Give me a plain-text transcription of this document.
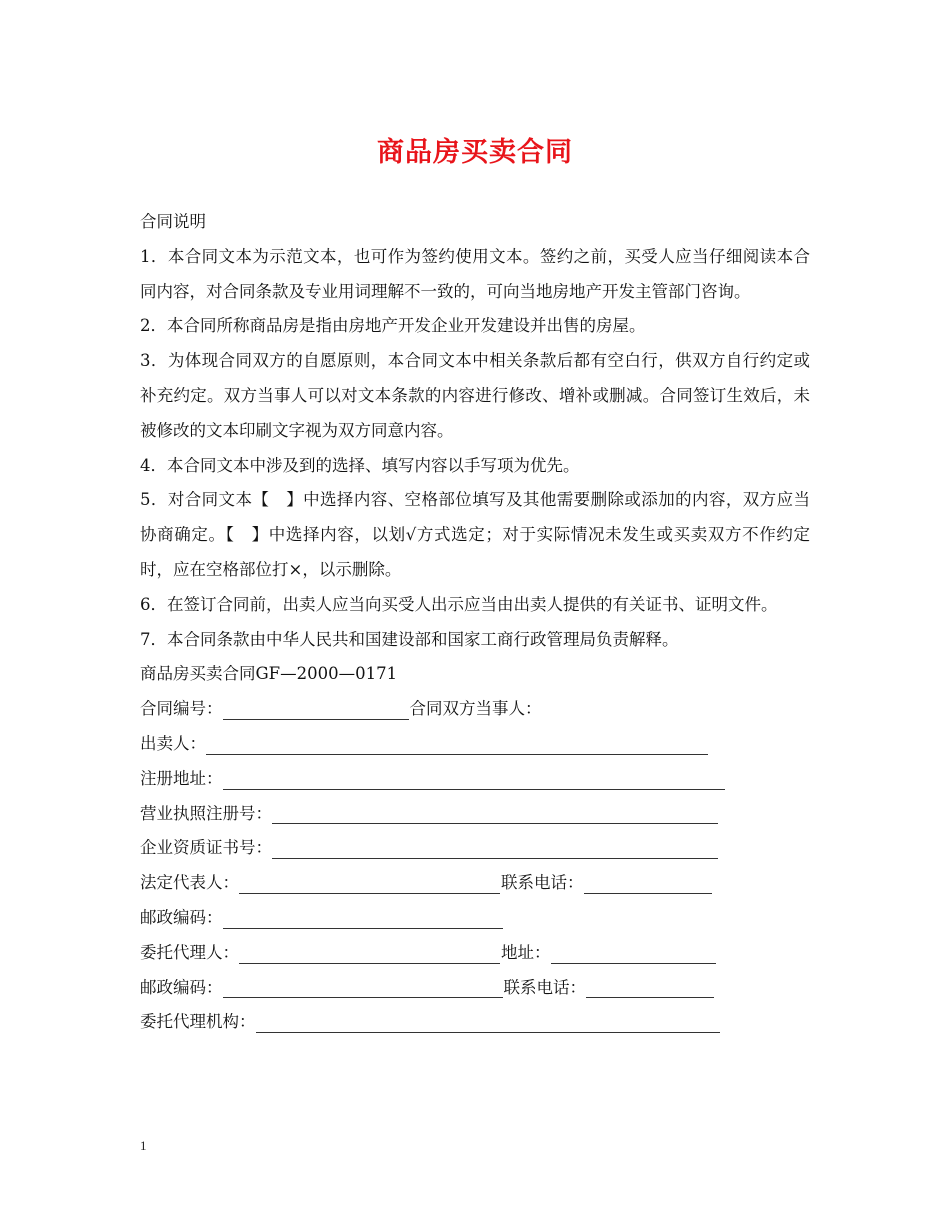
商品房买卖合同

合同说明

1．本合同文本为示范文本，也可作为签约使用文本。签约之前，买受人应当仔细阅读本合同内容，对合同条款及专业用词理解不一致的，可向当地房地产开发主管部门咨询。

2．本合同所称商品房是指由房地产开发企业开发建设并出售的房屋。

3．为体现合同双方的自愿原则，本合同文本中相关条款后都有空白行，供双方自行约定或补充约定。双方当事人可以对文本条款的内容进行修改、增补或删减。合同签订生效后，未被修改的文本印刷文字视为双方同意内容。

4．本合同文本中涉及到的选择、填写内容以手写项为优先。

5．对合同文本【　】中选择内容、空格部位填写及其他需要删除或添加的内容，双方应当协商确定。【　】中选择内容，以划√方式选定；对于实际情况未发生或买卖双方不作约定时，应在空格部位打×，以示删除。

6．在签订合同前，出卖人应当向买受人出示应当由出卖人提供的有关证书、证明文件。

7．本合同条款由中华人民共和国建设部和国家工商行政管理局负责解释。

商品房买卖合同GF—2000—0171

合同编号：	合同双方当事人：
出卖人：
注册地址：
营业执照注册号：
企业资质证书号：
法定代表人：	联系电话：
邮政编码：
委托代理人：	地址：
邮政编码：	联系电话：
委托代理机构：
1
